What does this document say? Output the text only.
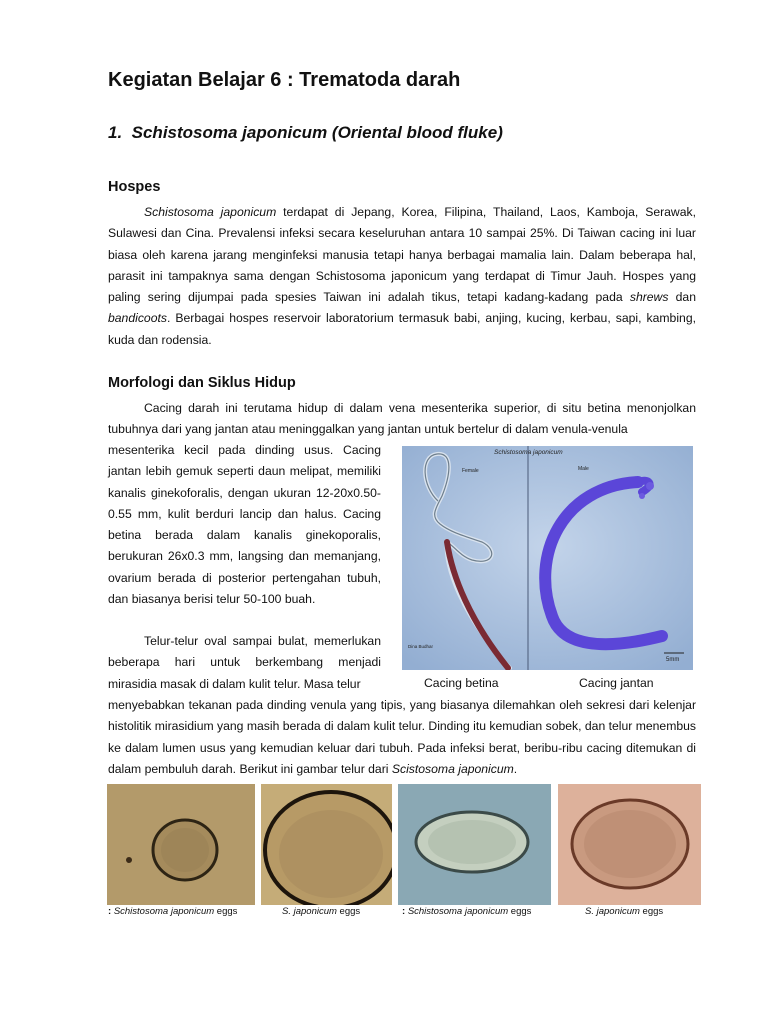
Kegiatan Belajar 6 : Trematoda darah
1. Schistosoma japonicum (Oriental blood fluke)
Hospes

Schistosoma japonicum terdapat di Jepang, Korea, Filipina, Thailand, Laos, Kamboja, Serawak, Sulawesi dan Cina. Prevalensi infeksi secara keseluruhan antara 10 sampai 25%. Di Taiwan cacing ini luar biasa oleh karena jarang menginfeksi manusia tetapi hanya berbagai mamalia lain. Dalam beberapa hal, parasit ini tampaknya sama dengan Schistosoma japonicum yang terdapat di Timur Jauh. Hospes yang paling sering dijumpai pada spesies Taiwan ini adalah tikus, tetapi kadang-kadang pada shrews dan bandicoots. Berbagai hospes reservoir laboratorium termasuk babi, anjing, kucing, kerbau, sapi, kambing, kuda dan rodensia.

Morfologi dan Siklus Hidup

Cacing darah ini terutama hidup di dalam vena mesenterika superior, di situ betina menonjolkan tubuhnya dari yang jantan atau meninggalkan yang jantan untuk bertelur di dalam venula-venula

mesenterika kecil pada dinding usus. Cacing jantan lebih gemuk seperti daun melipat, memiliki kanalis ginekoforalis, dengan ukuran 12-20x0.50-0.55 mm, kulit berduri lancip dan halus. Cacing betina berada dalam kanalis ginekoporalis, berukuran 26x0.3 mm, langsing dan memanjang, ovarium berada di posterior pertengahan tubuh, dan biasanya berisi telur 50-100 buah.

Telur-telur oval sampai bulat, memerlukan beberapa hari untuk berkembang menjadi mirasidia masak di dalam kulit telur. Masa telur

menyebabkan tekanan pada dinding venula yang tipis, yang biasanya dilemahkan oleh sekresi dari kelenjar histolitik mirasidium yang masih berada di dalam kulit telur. Dinding itu kemudian sobek, dan telur menembus ke dalam lumen usus yang kemudian keluar dari tubuh. Pada infeksi berat, beribu-ribu cacing ditemukan di dalam pembuluh darah. Berikut ini gambar telur dari Scistosoma japonicum.

5mm
Schistosoma japonicum
Female	Male
Dina Budhar
Cacing betina	Cacing jantan
: Schistosoma japonicum eggs	S. japonicum eggs	: Schistosoma japonicum eggs	S. japonicum eggs
